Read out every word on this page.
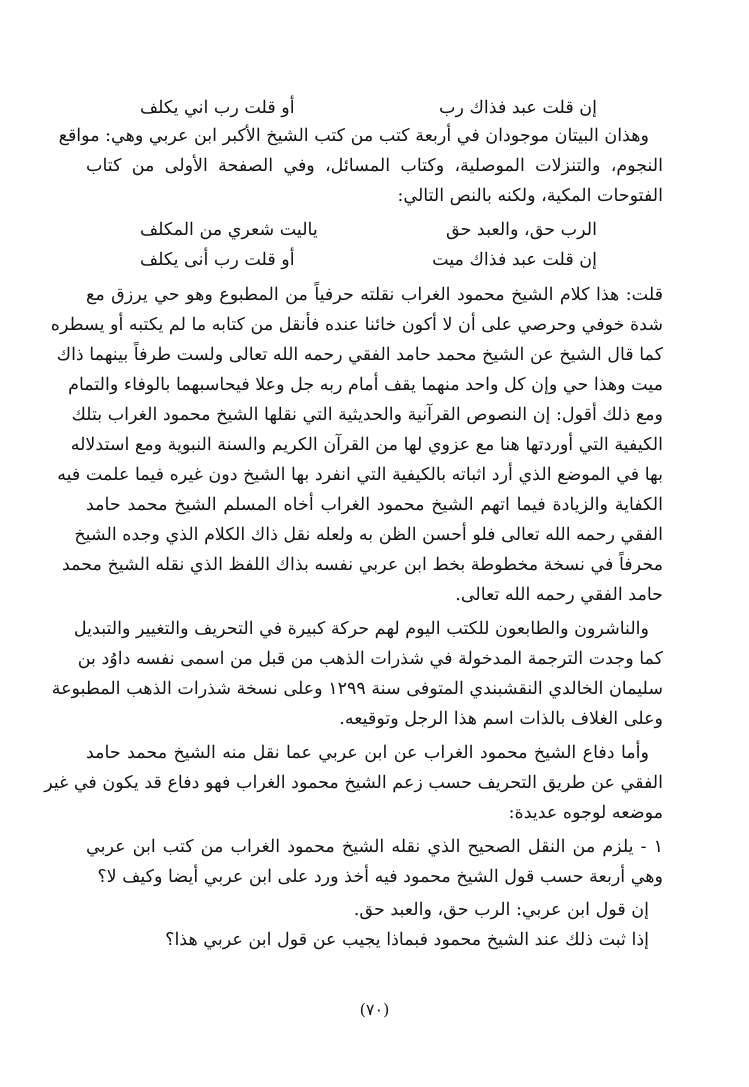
إن قلت عبد فذاك رب
أو قلت رب اني يكلف
وهذان البيتان موجودان في أربعة كتب من كتب الشيخ الأكبر ابن عربي وهي: مواقع
النجوم، والتنزلات الموصلية، وكتاب المسائل، وفي الصفحة الأولى من كتاب
الفتوحات المكية، ولكنه بالنص التالي:
الرب حق، والعبد حق
ياليت شعري من المكلف
إن قلت عبد فذاك ميت
أو قلت رب أنى يكلف
قلت: هذا كلام الشيخ محمود الغراب نقلته حرفياً من المطبوع وهو حي يرزق مع
شدة خوفي وحرصي على أن لا أكون خائنا عنده فأنقل من كتابه ما لم يكتبه أو يسطره
كما قال الشيخ عن الشيخ محمد حامد الفقي رحمه الله تعالى ولست طرفاً بينهما ذاك
ميت وهذا حي وإن كل واحد منهما يقف أمام ربه جل وعلا فيحاسبهما بالوفاء والتمام
ومع ذلك أقول: إن النصوص القرآنية والحديثية التي نقلها الشيخ محمود الغراب بتلك
الكيفية التي أوردتها هنا مع عزوي لها من القرآن الكريم والسنة النبوية ومع استدلاله
بها في الموضع الذي أرد اثباته بالكيفية التي انفرد بها الشيخ دون غيره فيما علمت فيه
الكفاية والزيادة فيما اتهم الشيخ محمود الغراب أخاه المسلم الشيخ محمد حامد
الفقي رحمه الله تعالى فلو أحسن الظن به ولعله نقل ذاك الكلام الذي وجده الشيخ
محرفاً في نسخة مخطوطة بخط ابن عربي نفسه بذاك اللفظ الذي نقله الشيخ محمد
حامد الفقي رحمه الله تعالى.
والناشرون والطابعون للكتب اليوم لهم حركة كبيرة في التحريف والتغيير والتبديل
كما وجدت الترجمة المدخولة في شذرات الذهب من قبل من اسمى نفسه داوُد بن
سليمان الخالدي النقشبندي المتوفى سنة ١٢٩٩ وعلى نسخة شذرات الذهب المطبوعة
وعلى الغلاف بالذات اسم هذا الرجل وتوقيعه.
وأما دفاع الشيخ محمود الغراب عن ابن عربي عما نقل منه الشيخ محمد حامد
الفقي عن طريق التحريف حسب زعم الشيخ محمود الغراب فهو دفاع قد يكون في غير
موضعه لوجوه عديدة:
١ - يلزم من النقل الصحيح الذي نقله الشيخ محمود الغراب من كتب ابن عربي
وهي أربعة حسب قول الشيخ محمود فيه أخذ ورد على ابن عربي أيضا وكيف لا؟
إن قول ابن عربي: الرب حق، والعبد حق.
إذا ثبت ذلك عند الشيخ محمود فبماذا يجيب عن قول ابن عربي هذا؟
(٧٠)
